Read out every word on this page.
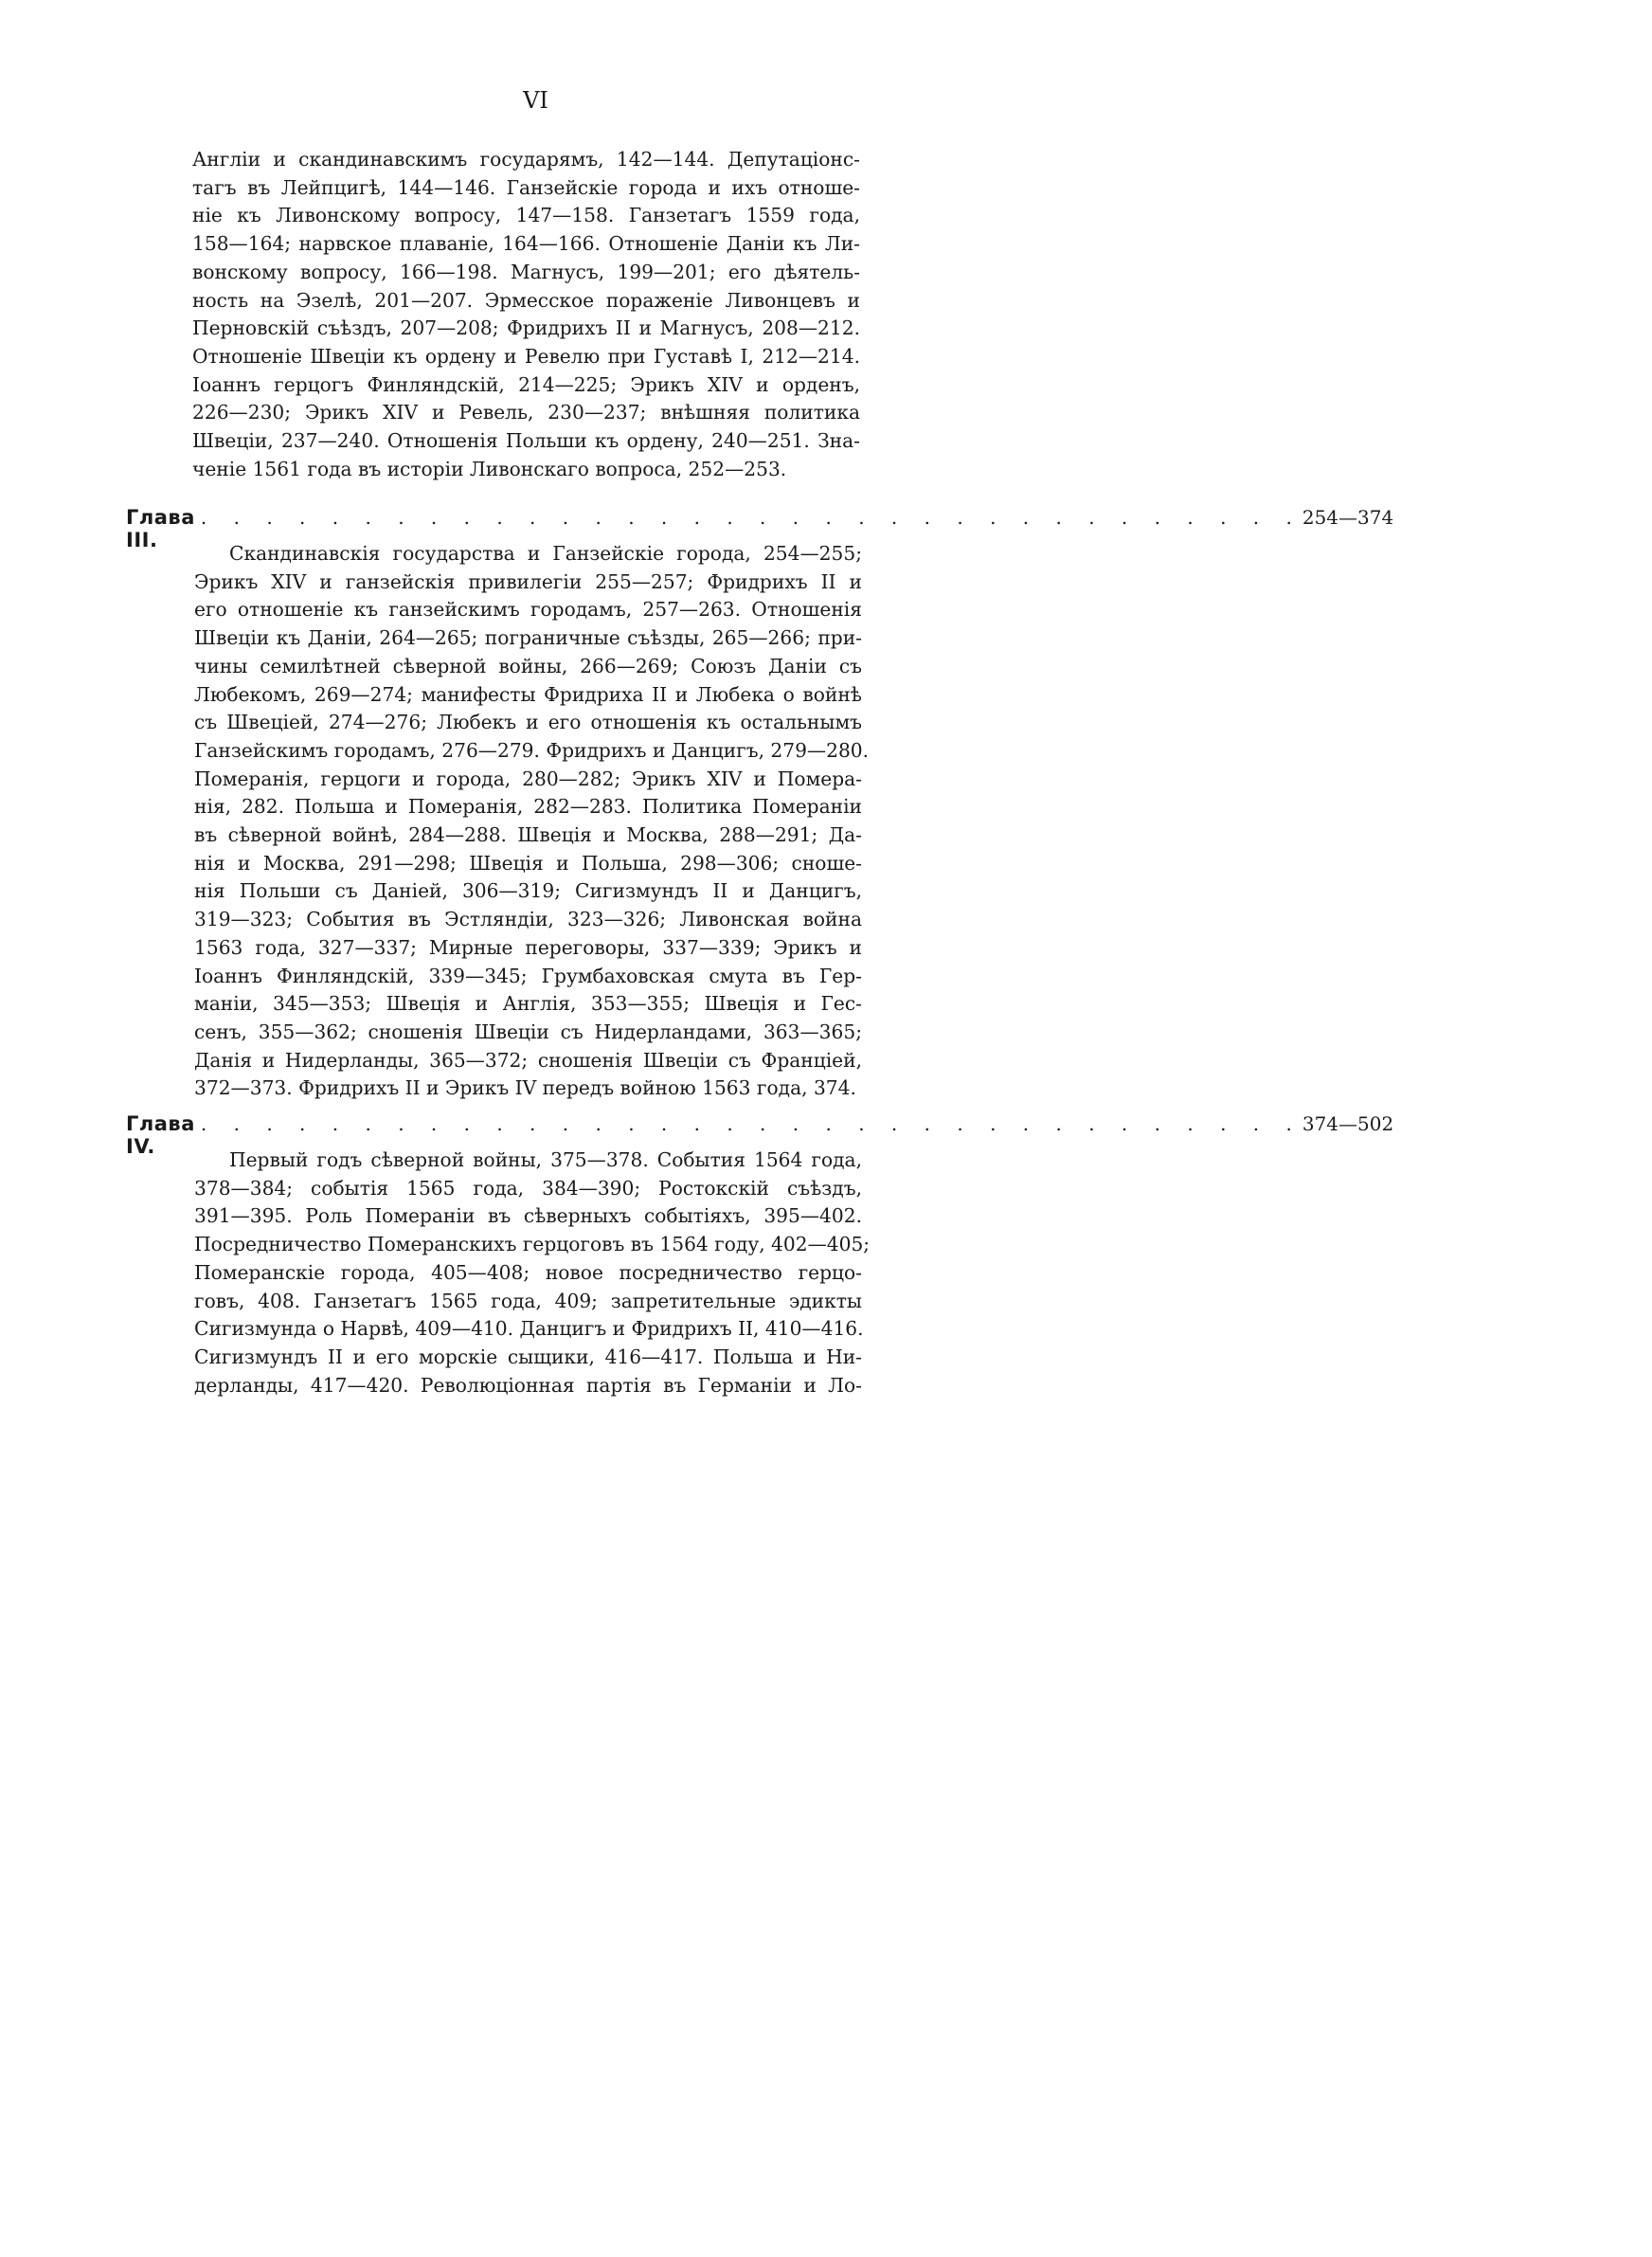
VI
Англіи и скандинавскимъ государямъ, 142—144. Депутаціонс-
тагъ въ Лейпцигѣ, 144—146. Ганзейскіе города и ихъ отноше-
ніе къ Ливонскому вопросу, 147—158. Ганзетагъ 1559 года,
158—164; нарвское плаваніе, 164—166. Отношеніе Даніи къ Ли-
вонскому вопросу, 166—198. Магнусъ, 199—201; его дѣятель-
ность на Эзелѣ, 201—207. Эрмесское пораженіе Ливонцевъ и
Перновскій съѣздъ, 207—208; Фридрихъ II и Магнусъ, 208—212.
Отношеніе Швеціи къ ордену и Ревелю при Густавѣ I, 212—214.
Іоаннъ герцогъ Финляндскій, 214—225; Эрикъ XIV и орденъ,
226—230; Эрикъ XIV и Ревель, 230—237; внѣшняя политика
Швеціи, 237—240. Отношенія Польши къ ордену, 240—251. Зна-
ченіе 1561 года въ исторіи Ливонскаго вопроса, 252—253.
Глава III.
. . . . . . . . . . . . . . . . . . . . . . . . . . . . . . . . . . 254—374
Скандинавскія государства и Ганзейскіе города, 254—255;
Эрикъ XIV и ганзейскія привилегіи 255—257; Фридрихъ II и
его отношеніе къ ганзейскимъ городамъ, 257—263. Отношенія
Швеціи къ Даніи, 264—265; пограничные съѣзды, 265—266; при-
чины семилѣтней сѣверной войны, 266—269; Союзъ Даніи съ
Любекомъ, 269—274; манифесты Фридриха II и Любека о войнѣ
съ Швеціей, 274—276; Любекъ и его отношенія къ остальнымъ
Ганзейскимъ городамъ, 276—279. Фридрихъ и Данцигъ, 279—280.
Померанія, герцоги и города, 280—282; Эрикъ XIV и Помера-
нія, 282. Польша и Померанія, 282—283. Политика Помераніи
въ сѣверной войнѣ, 284—288. Швеція и Москва, 288—291; Да-
нія и Москва, 291—298; Швеція и Польша, 298—306; сноше-
нія Польши съ Даніей, 306—319; Сигизмундъ II и Данцигъ,
319—323; События въ Эстляндіи, 323—326; Ливонская война
1563 года, 327—337; Мирные переговоры, 337—339; Эрикъ и
Іоаннъ Финляндскій, 339—345; Грумбаховская смута въ Гер-
маніи, 345—353; Швеція и Англія, 353—355; Швеція и Гес-
сенъ, 355—362; сношенія Швеціи съ Нидерландами, 363—365;
Данія и Нидерланды, 365—372; сношенія Швеціи съ Франціей,
372—373. Фридрихъ II и Эрикъ IV передъ войною 1563 года, 374.
Глава IV.
. . . . . . . . . . . . . . . . . . . . . . . . . . . . . . . . . . 374—502
Первый годъ сѣверной войны, 375—378. События 1564 года,
378—384; событія 1565 года, 384—390; Ростокскій съѣздъ,
391—395. Роль Помераніи въ сѣверныхъ событіяхъ, 395—402.
Посредничество Померанскихъ герцоговъ въ 1564 году, 402—405;
Померанскіе города, 405—408; новое посредничество герцо-
говъ, 408. Ганзетагъ 1565 года, 409; запретительные эдикты
Сигизмунда о Нарвѣ, 409—410. Данцигъ и Фридрихъ II, 410—416.
Сигизмундъ II и его морскіе сыщики, 416—417. Польша и Ни-
дерланды, 417—420. Революціонная партія въ Германіи и Ло-
